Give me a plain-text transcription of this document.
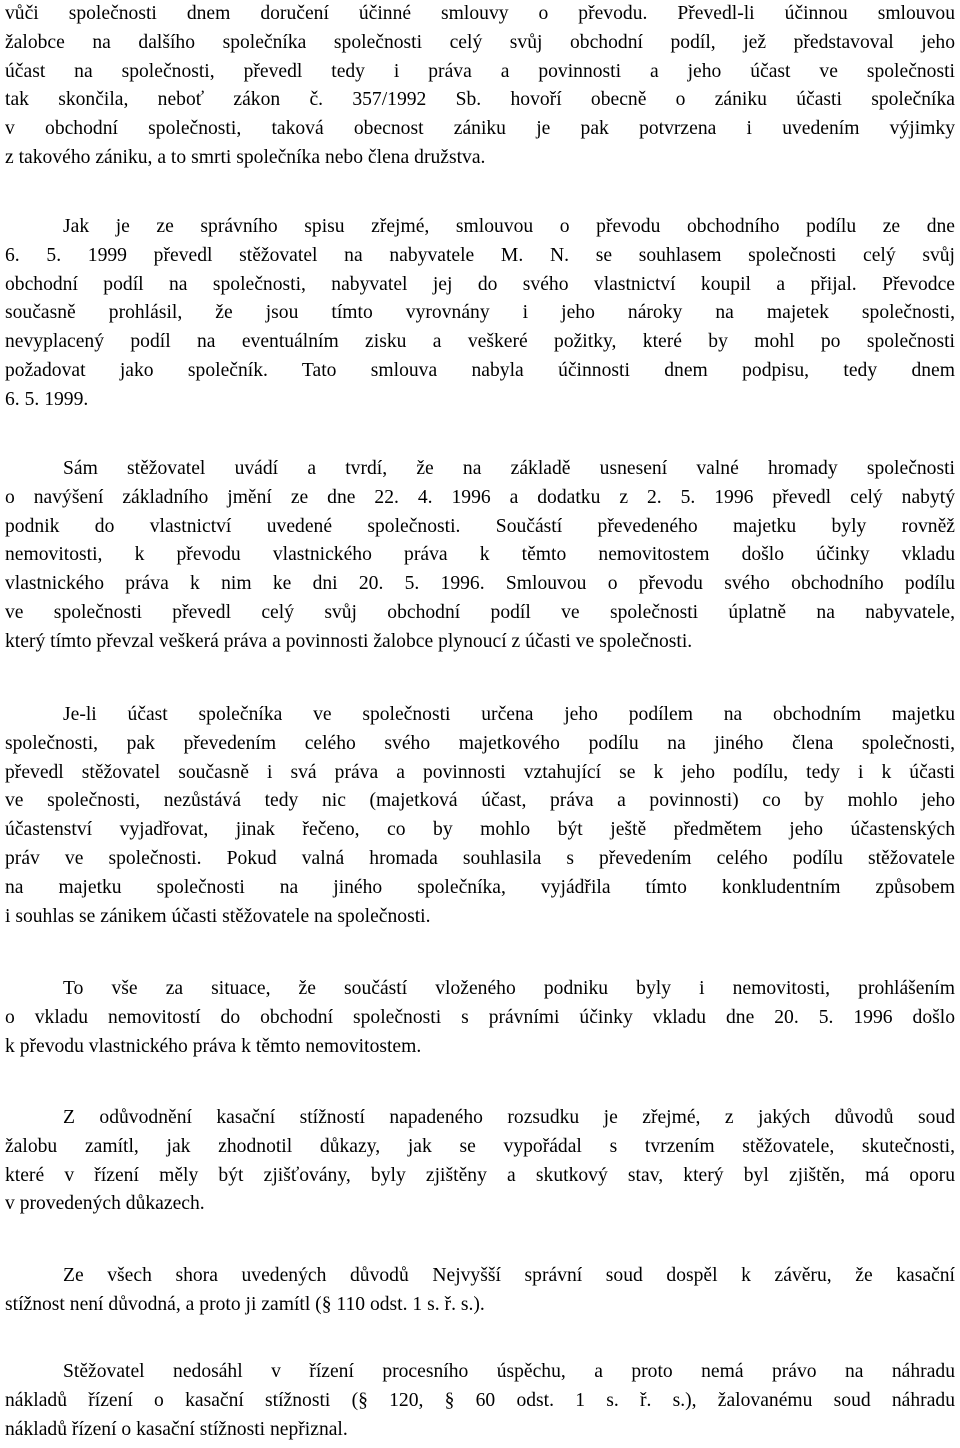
vůči společnosti dnem doručení účinné smlouvy o převodu. Převedl-li účinnou smlouvou
žalobce na dalšího společníka společnosti celý svůj obchodní podíl, jež představoval jeho
účast na společnosti, převedl tedy i práva a povinnosti a jeho účast ve společnosti
tak skončila, neboť zákon č. 357/1992 Sb. hovoří obecně o zániku účasti společníka
v obchodní společnosti, taková obecnost zániku je pak potvrzena i uvedením výjimky
z takového zániku, a to smrti společníka nebo člena družstva.
Jak je ze správního spisu zřejmé, smlouvou o převodu obchodního podílu ze dne
6. 5. 1999 převedl stěžovatel na nabyvatele M. N. se souhlasem společnosti celý svůj
obchodní podíl na společnosti, nabyvatel jej do svého vlastnictví koupil a přijal. Převodce
současně prohlásil, že jsou tímto vyrovnány i jeho nároky na majetek společnosti,
nevyplacený podíl na eventuálním zisku a veškeré požitky, které by mohl po společnosti
požadovat jako společník. Tato smlouva nabyla účinnosti dnem podpisu, tedy dnem
6. 5. 1999.
Sám stěžovatel uvádí a tvrdí, že na základě usnesení valné hromady společnosti
o navýšení základního jmění ze dne 22. 4. 1996 a dodatku z 2. 5. 1996 převedl celý nabytý
podnik do vlastnictví uvedené společnosti. Součástí převedeného majetku byly rovněž
nemovitosti, k převodu vlastnického práva k těmto nemovitostem došlo účinky vkladu
vlastnického práva k nim ke dni 20. 5. 1996. Smlouvou o převodu svého obchodního podílu
ve společnosti převedl celý svůj obchodní podíl ve společnosti úplatně na nabyvatele,
který tímto převzal veškerá práva a povinnosti žalobce plynoucí z účasti ve společnosti.
Je-li účast společníka ve společnosti určena jeho podílem na obchodním majetku
společnosti, pak převedením celého svého majetkového podílu na jiného člena společnosti,
převedl stěžovatel současně i svá práva a povinnosti vztahující se k jeho podílu, tedy i k účasti
ve společnosti, nezůstává tedy nic (majetková účast, práva a povinnosti) co by mohlo jeho
účastenství vyjadřovat, jinak řečeno, co by mohlo být ještě předmětem jeho účastenských
práv ve společnosti. Pokud valná hromada souhlasila s převedením celého podílu stěžovatele
na majetku společnosti na jiného společníka, vyjádřila tímto konkludentním způsobem
i souhlas se zánikem účasti stěžovatele na společnosti.
To vše za situace, že součástí vloženého podniku byly i nemovitosti, prohlášením
o vkladu nemovitostí do obchodní společnosti s právními účinky vkladu dne 20. 5. 1996 došlo
k převodu vlastnického práva k těmto nemovitostem.
Z odůvodnění kasační stížností napadeného rozsudku je zřejmé, z jakých důvodů soud
žalobu zamítl, jak zhodnotil důkazy, jak se vypořádal s tvrzením stěžovatele, skutečnosti,
které v řízení měly být zjišťovány, byly zjištěny a skutkový stav, který byl zjištěn, má oporu
v provedených důkazech.
Ze všech shora uvedených důvodů Nejvyšší správní soud dospěl k závěru, že kasační
stížnost není důvodná, a proto ji zamítl (§ 110 odst. 1 s. ř. s.).
Stěžovatel nedosáhl v řízení procesního úspěchu, a proto nemá právo na náhradu
nákladů řízení o kasační stížnosti (§ 120, § 60 odst. 1 s. ř. s.), žalovanému soud náhradu
nákladů řízení o kasační stížnosti nepřiznal.
